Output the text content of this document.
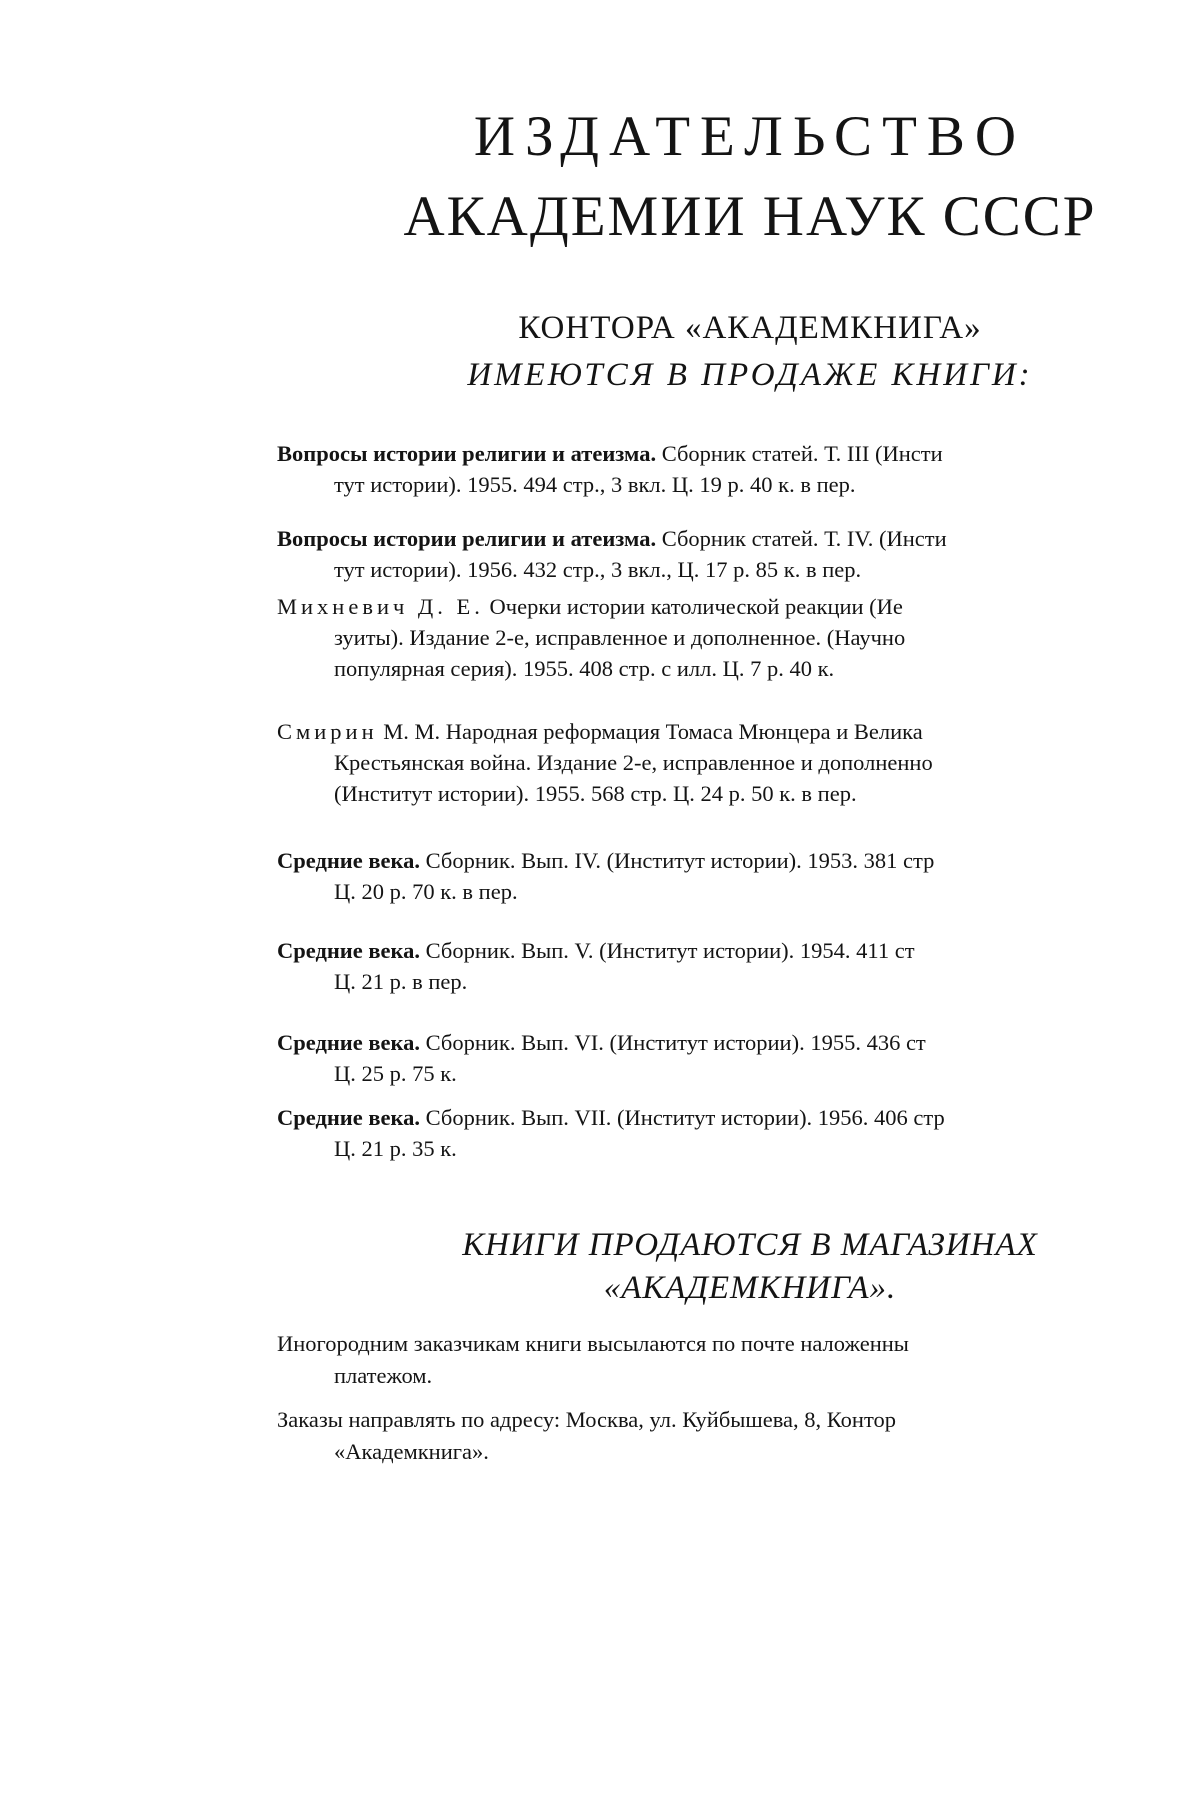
ИЗДАТЕЛЬСТВО
АКАДЕМИИ НАУК СССР
КОНТОРА «АКАДЕМКНИГА»
ИМЕЮТСЯ В ПРОДАЖЕ КНИГИ:
Вопросы истории религии и атеизма. Сборник статей. Т. III (Инсти
тут истории). 1955. 494 стр., 3 вкл. Ц. 19 р. 40 к. в пер.
Вопросы истории религии и атеизма. Сборник статей. Т. IV. (Инсти
тут истории). 1956. 432 стр., 3 вкл., Ц. 17 р. 85 к. в пер.
Михневич Д. Е. Очерки истории католической реакции (Ие
зуиты). Издание 2-е, исправленное и дополненное. (Научно
популярная серия). 1955. 408 стр. с илл. Ц. 7 р. 40 к.
Смирин М. М. Народная реформация Томаса Мюнцера и Велика
Крестьянская война. Издание 2-е, исправленное и дополненно
(Институт истории). 1955. 568 стр. Ц. 24 р. 50 к. в пер.
Средние века. Сборник. Вып. IV. (Институт истории). 1953. 381 стр
Ц. 20 р. 70 к. в пер.
Средние века. Сборник. Вып. V. (Институт истории). 1954. 411 ст
Ц. 21 р. в пер.
Средние века. Сборник. Вып. VI. (Институт истории). 1955. 436 ст
Ц. 25 р. 75 к.
Средние века. Сборник. Вып. VII. (Институт истории). 1956. 406 стр
Ц. 21 р. 35 к.
КНИГИ ПРОДАЮТСЯ В МАГАЗИНАХ
«АКАДЕМКНИГА».
Иногородним заказчикам книги высылаются по почте наложенны
платежом.
Заказы направлять по адресу: Москва, ул. Куйбышева, 8, Контор
«Академкнига».
